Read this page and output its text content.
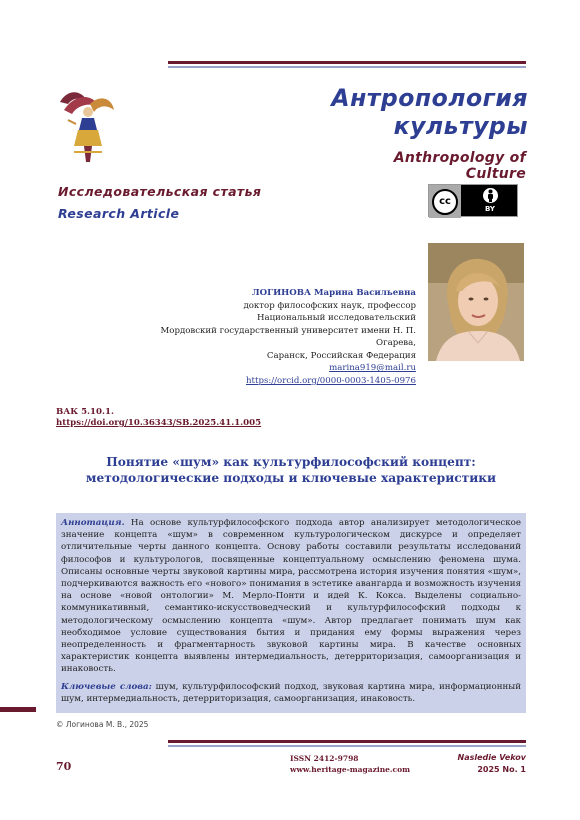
Антропология культуры
Anthropology of Culture
Исследовательская статья
Research Article
cc
BY
ЛОГИНОВА Марина Васильевна
доктор философских наук, профессор
Национальный исследовательский
Мордовский государственный университет имени Н. П. Огарева,
Саранск, Российская Федерация
marina919@mail.ru
https://orcid.org/0000-0003-1405-0976
ВАК 5.10.1.
https://doi.org/10.36343/SB.2025.41.1.005
Понятие «шум» как культурфилософский концепт:
методологические подходы и ключевые характеристики

Аннотация. На основе культурфилософского подхода автор анализирует методологическое значение концепта «шум» в современном культурологическом дискурсе и определяет отличительные черты данного концепта. Основу работы составили результаты исследований философов и культурологов, посвященные концептуальному осмыслению феномена шума. Описаны основные черты звуковой картины мира, рассмотрена история изучения понятия «шум», подчеркиваются важность его «нового» понимания в эстетике авангарда и возможность изучения на основе «новой онтологии» М. Мерло-Понти и идей К. Кокса. Выделены социально-коммуникативный, семантико-искусствоведческий и культурфилософский подходы к методологическому осмыслению концепта «шум». Автор предлагает понимать шум как необходимое условие существования бытия и придания ему формы выражения через неопределенность и фрагментарность звуковой картины мира. В качестве основных характеристик концепта выявлены интермедиальность, детерриторизация, самоорганизация и инаковость.

Ключевые слова: шум, культурфилософский подход, звуковая картина мира, информационный шум, интермедиальность, детерриторизация, самоорганизация, инаковость.

© Логинова М. В., 2025
70
ISSN 2412-9798
www.heritage-magazine.com
Nasledie Vekov
2025 No. 1
